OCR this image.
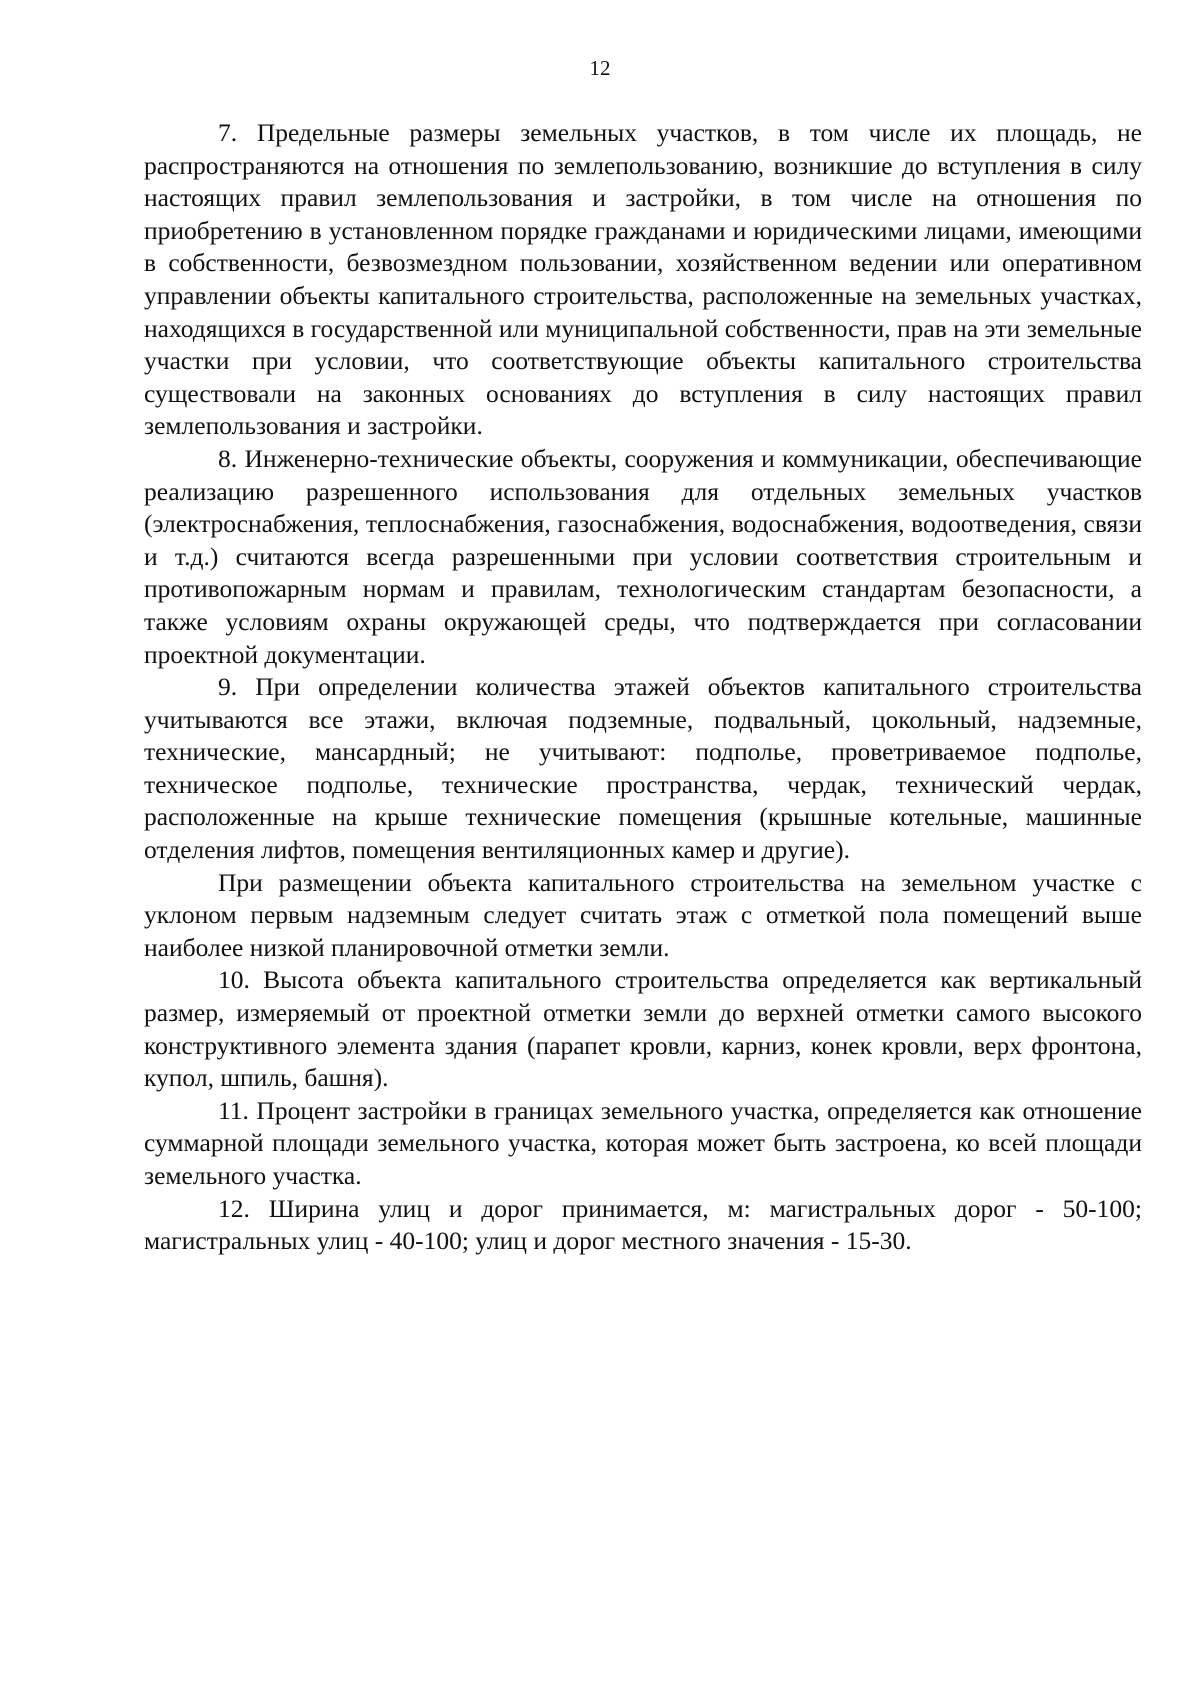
12

7. Предельные размеры земельных участков, в том числе их площадь, не распространяются на отношения по землепользованию, возникшие до вступления в силу настоящих правил землепользования и застройки, в том числе на отношения по приобретению в установленном порядке гражданами и юридическими лицами, имеющими в собственности, безвозмездном пользовании, хозяйственном ведении или оперативном управлении объекты капитального строительства, расположенные на земельных участках, находящихся в государственной или муниципальной собственности, прав на эти земельные участки при условии, что соответствующие объекты капитального строительства существовали на законных основаниях до вступления в силу настоящих правил землепользования и застройки.

8. Инженерно-технические объекты, сооружения и коммуникации, обеспечивающие реализацию разрешенного использования для отдельных земельных участков (электроснабжения, теплоснабжения, газоснабжения, водоснабжения, водоотведения, связи и т.д.) считаются всегда разрешенными при условии соответствия строительным и противопожарным нормам и правилам, технологическим стандартам безопасности, а также условиям охраны окружающей среды, что подтверждается при согласовании проектной документации.

9. При определении количества этажей объектов капитального строительства учитываются все этажи, включая подземные, подвальный, цокольный, надземные, технические, мансардный; не учитывают: подполье, проветриваемое подполье, техническое подполье, технические пространства, чердак, технический чердак, расположенные на крыше технические помещения (крышные котельные, машинные отделения лифтов, помещения вентиляционных камер и другие).

При размещении объекта капитального строительства на земельном участке с уклоном первым надземным следует считать этаж с отметкой пола помещений выше наиболее низкой планировочной отметки земли.

10. Высота объекта капитального строительства определяется как вертикальный размер, измеряемый от проектной отметки земли до верхней отметки самого высокого конструктивного элемента здания (парапет кровли, карниз, конек кровли, верх фронтона, купол, шпиль, башня).

11. Процент застройки в границах земельного участка, определяется как отношение суммарной площади земельного участка, которая может быть застроена, ко всей площади земельного участка.

12. Ширина улиц и дорог принимается, м: магистральных дорог - 50-100; магистральных улиц - 40-100; улиц и дорог местного значения - 15-30.
